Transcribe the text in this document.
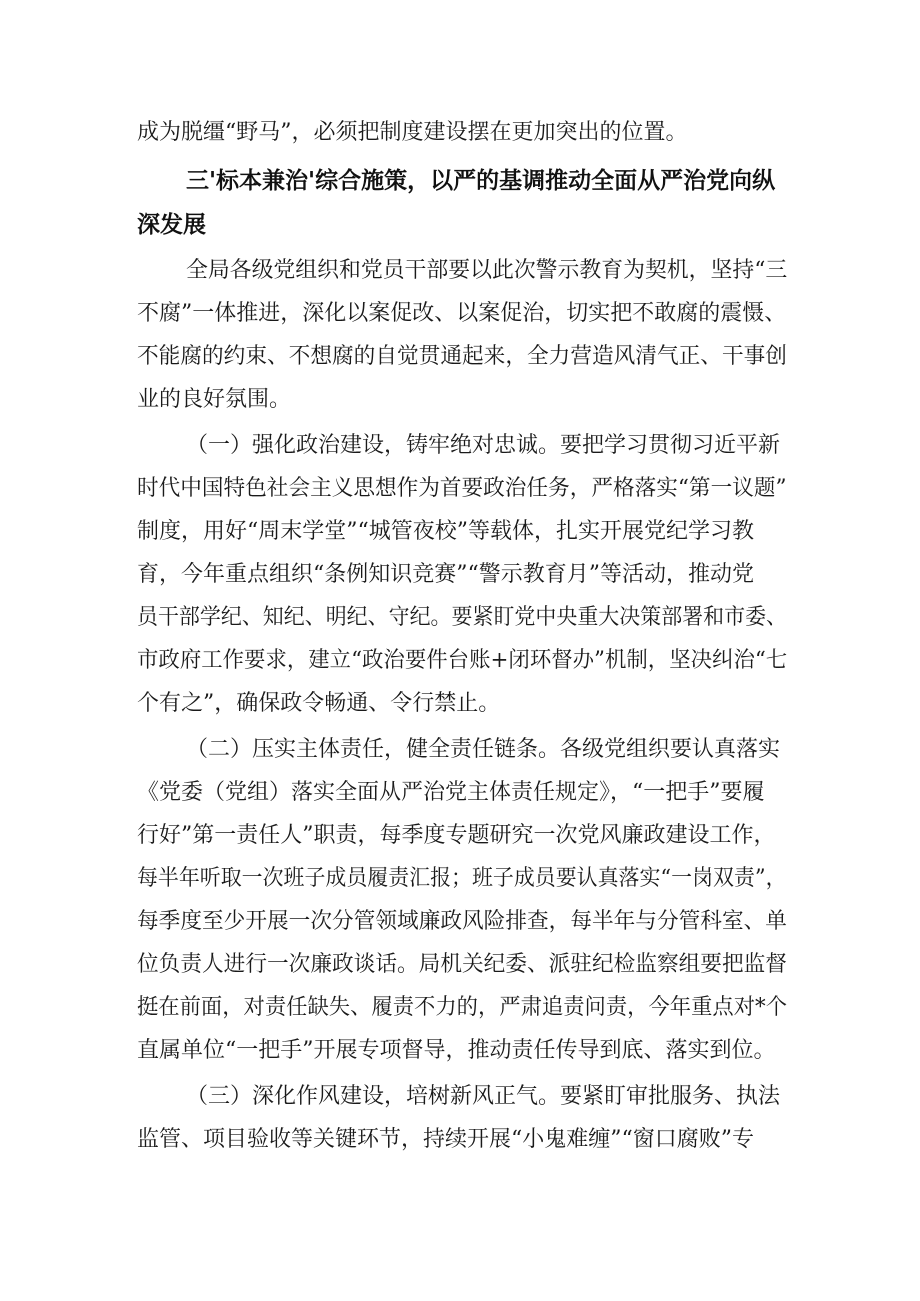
成为脱缰“野马”，必须把制度建设摆在更加突出的位置。
三'标本兼治'综合施策，以严的基调推动全面从严治党向纵
深发展
全局各级党组织和党员干部要以此次警示教育为契机，坚持“三
不腐”一体推进，深化以案促改、以案促治，切实把不敢腐的震慑、
不能腐的约束、不想腐的自觉贯通起来，全力营造风清气正、干事创
业的良好氛围。
（一）强化政治建设，铸牢绝对忠诚。要把学习贯彻习近平新
时代中国特色社会主义思想作为首要政治任务，严格落实“第一议题”
制度，用好“周末学堂”“城管夜校”等载体，扎实开展党纪学习教
育，今年重点组织“条例知识竞赛”“警示教育月”等活动，推动党
员干部学纪、知纪、明纪、守纪。要紧盯党中央重大决策部署和市委、
市政府工作要求，建立“政治要件台账+闭环督办”机制，坚决纠治“七
个有之”，确保政令畅通、令行禁止。
（二）压实主体责任，健全责任链条。各级党组织要认真落实
《党委（党组）落实全面从严治党主体责任规定》，“一把手”要履
行好”第一责任人”职责，每季度专题研究一次党风廉政建设工作，
每半年听取一次班子成员履责汇报；班子成员要认真落实“一岗双责”，
每季度至少开展一次分管领域廉政风险排查，每半年与分管科室、单
位负责人进行一次廉政谈话。局机关纪委、派驻纪检监察组要把监督
挺在前面，对责任缺失、履责不力的，严肃追责问责，今年重点对*个
直属单位“一把手”开展专项督导，推动责任传导到底、落实到位。
（三）深化作风建设，培树新风正气。要紧盯审批服务、执法
监管、项目验收等关键环节，持续开展“小鬼难缠”“窗口腐败”专
